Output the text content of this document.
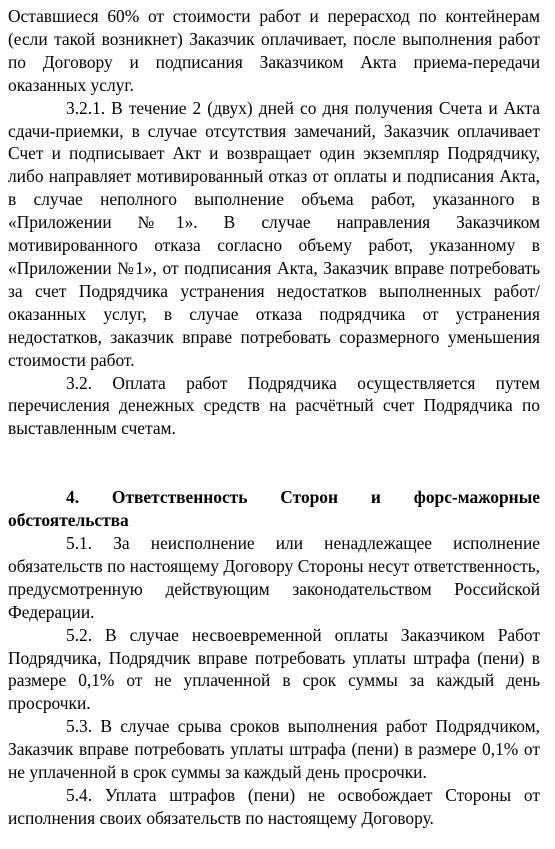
Оставшиеся 60% от стоимости работ и перерасход по контейнерам (если такой возникнет) Заказчик оплачивает, после выполнения работ по Договору и подписания Заказчиком Акта приема-передачи оказанных услуг.

3.2.1. В течение 2 (двух) дней со дня получения Счета и Акта сдачи-приемки, в случае отсутствия замечаний, Заказчик оплачивает Счет и подписывает Акт и возвращает один экземпляр Подрядчику, либо направляет мотивированный отказ от оплаты и подписания Акта, в случае неполного выполнение объема работ, указанного в «Приложении №1». В случае направления Заказчиком мотивированного отказа согласно объему работ, указанному в «Приложении №1», от подписания Акта, Заказчик вправе потребовать за счет Подрядчика устранения недостатков выполненных работ/оказанных услуг, в случае отказа подрядчика от устранения недостатков, заказчик вправе потребовать соразмерного уменьшения стоимости работ.

3.2. Оплата работ Подрядчика осуществляется путем перечисления денежных средств на расчётный счет Подрядчика по выставленным счетам.

4. Ответственность Сторон и форс-мажорные обстоятельства

5.1. За неисполнение или ненадлежащее исполнение обязательств по настоящему Договору Стороны несут ответственность, предусмотренную действующим законодательством Российской Федерации.

5.2. В случае несвоевременной оплаты Заказчиком Работ Подрядчика, Подрядчик вправе потребовать уплаты штрафа (пени) в размере 0,1% от не уплаченной в срок суммы за каждый день просрочки.

5.3. В случае срыва сроков выполнения работ Подрядчиком, Заказчик вправе потребовать уплаты штрафа (пени) в размере 0,1% от не уплаченной в срок суммы за каждый день просрочки.

5.4. Уплата штрафов (пени) не освобождает Стороны от исполнения своих обязательств по настоящему Договору.
